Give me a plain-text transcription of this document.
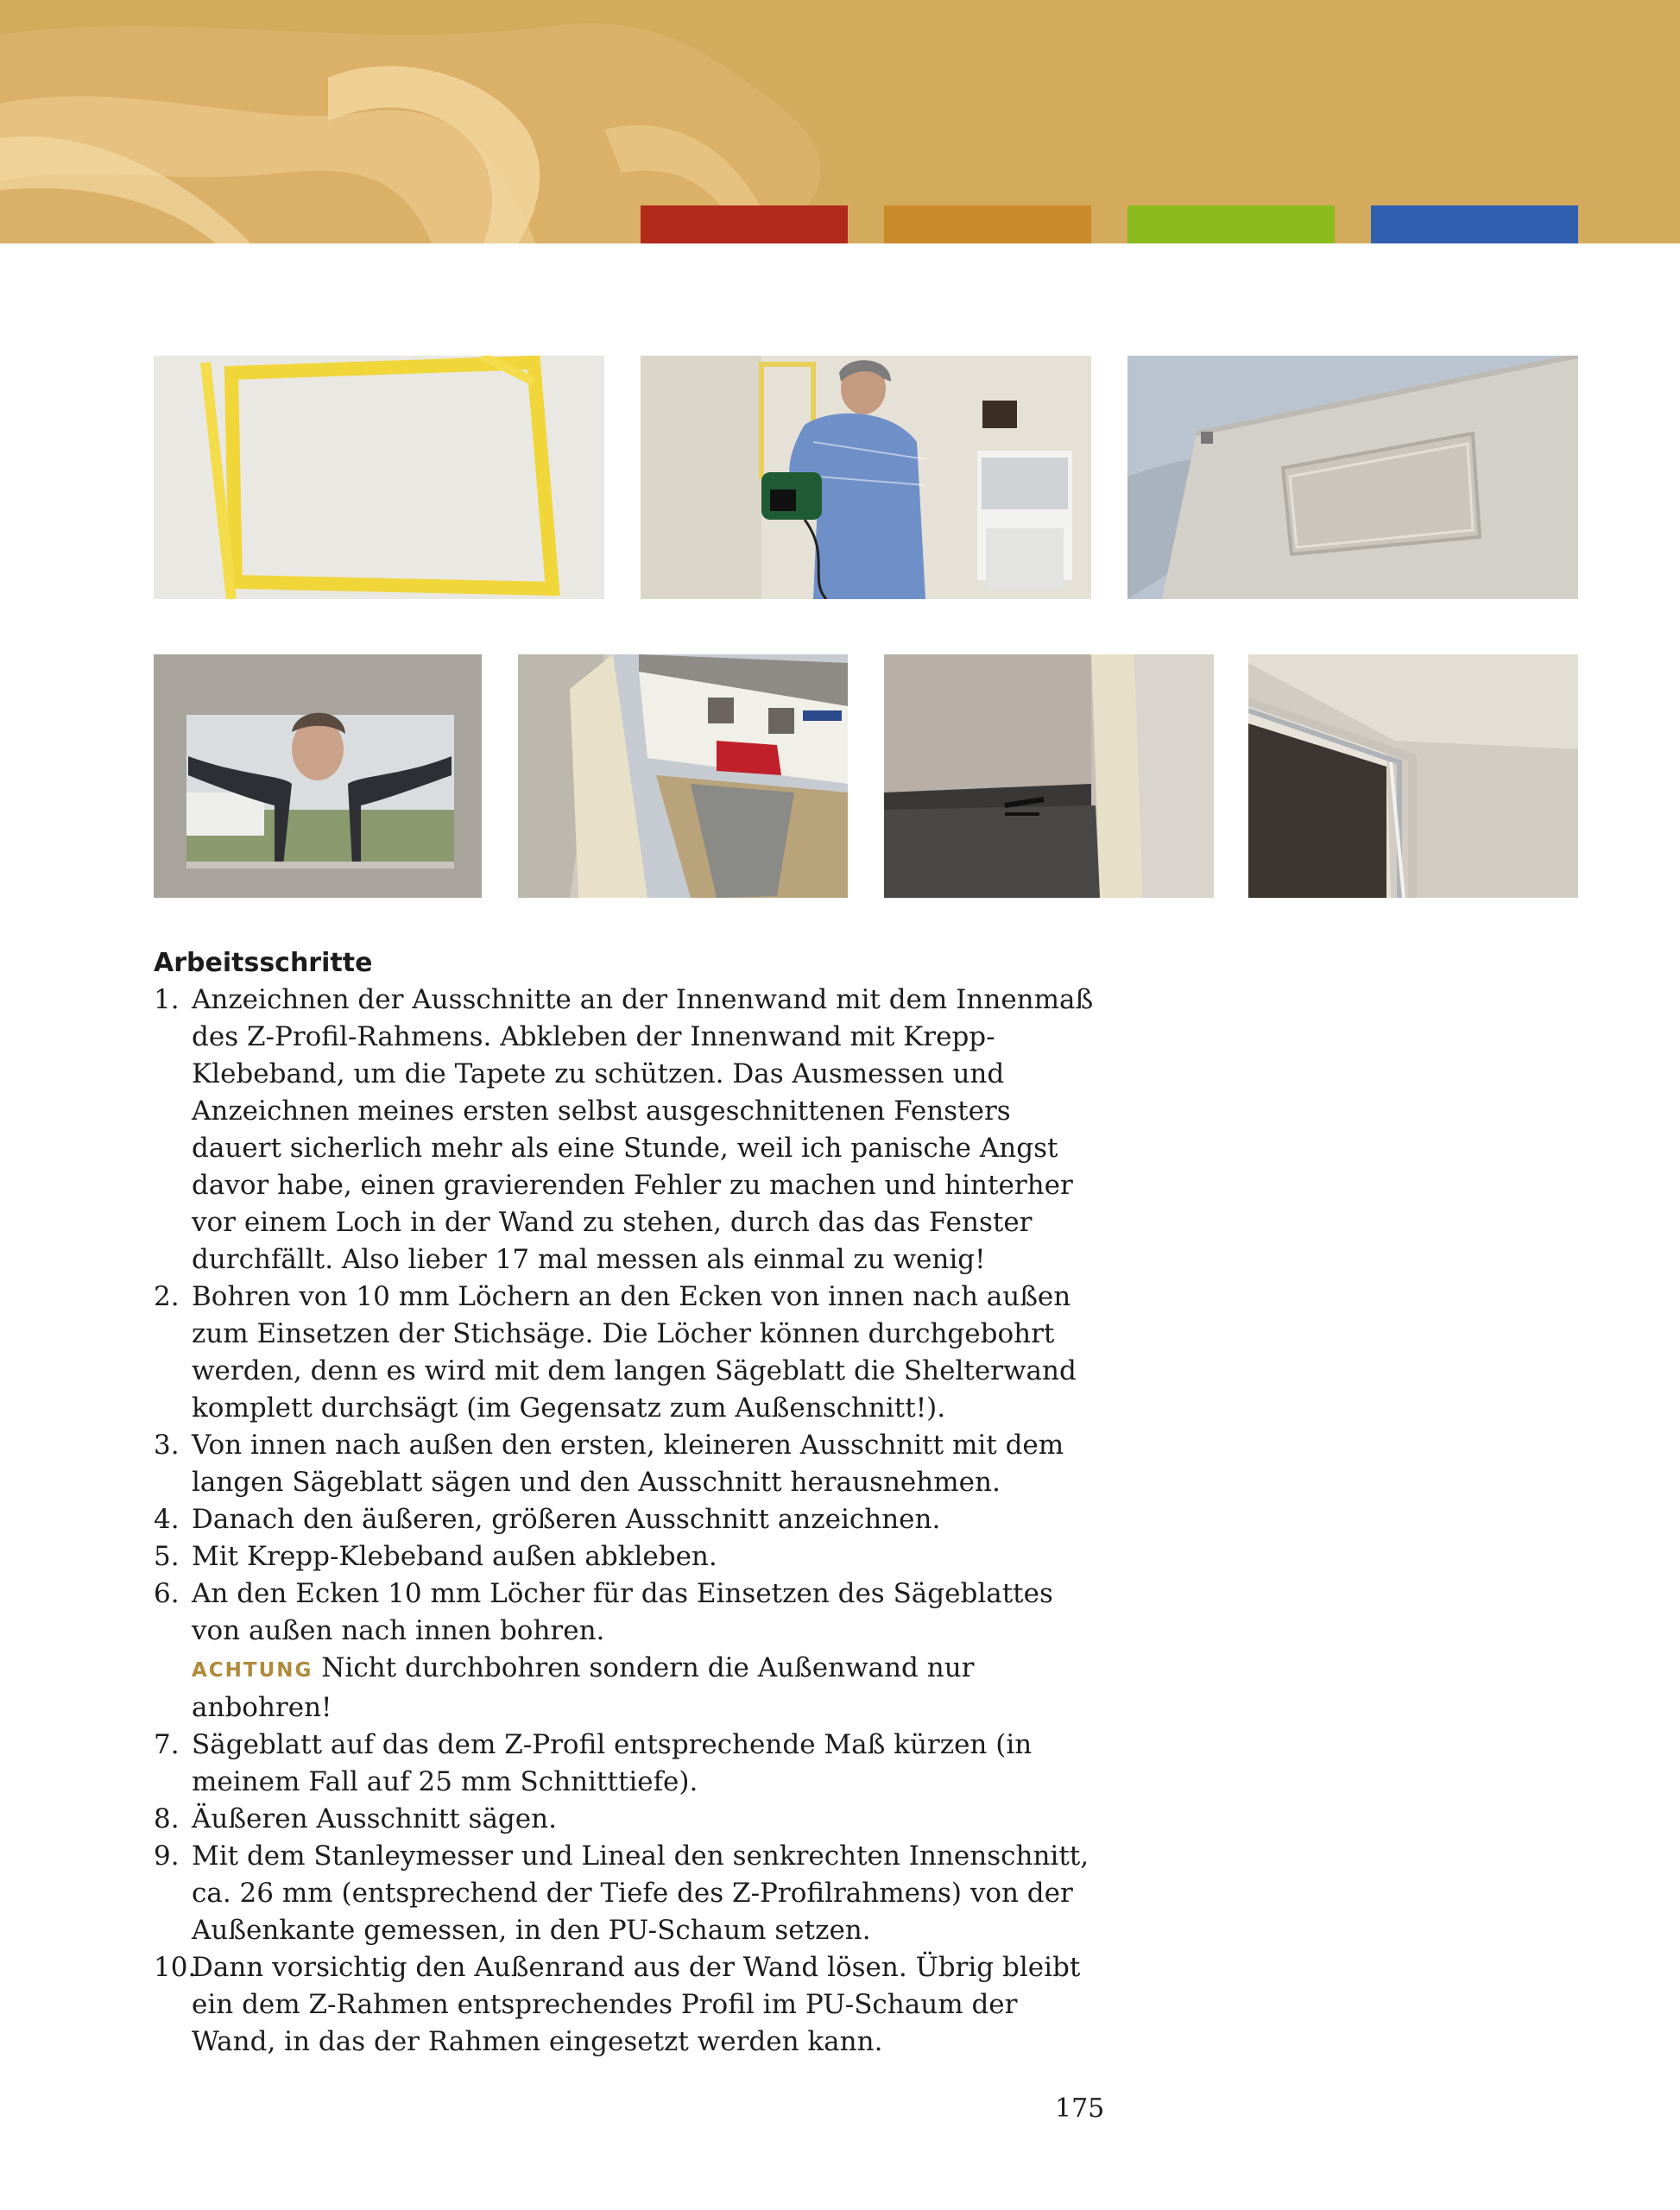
Arbeitsschritte
1. Anzeichnen der Ausschnitte an der Innenwand mit dem Innenmaß des Z-Profil-Rahmens. Abkleben der Innenwand mit Krepp-Klebeband, um die Tapete zu schützen. Das Ausmessen und Anzeichnen meines ersten selbst ausgeschnittenen Fensters dauert sicherlich mehr als eine Stunde, weil ich panische Angst davor habe, einen gravierenden Fehler zu machen und hinterher vor einem Loch in der Wand zu stehen, durch das das Fenster durchfällt. Also lieber 17 mal messen als einmal zu wenig!
2. Bohren von 10 mm Löchern an den Ecken von innen nach außen zum Einsetzen der Stichsäge. Die Löcher können durchgebohrt werden, denn es wird mit dem langen Sägeblatt die Shelterwand komplett durchsägt (im Gegensatz zum Außenschnitt!).
3. Von innen nach außen den ersten, kleineren Ausschnitt mit dem langen Sägeblatt sägen und den Ausschnitt herausnehmen.
4. Danach den äußeren, größeren Ausschnitt anzeichnen.
5. Mit Krepp-Klebeband außen abkleben.
6. An den Ecken 10 mm Löcher für das Einsetzen des Sägeblattes von außen nach innen bohren.
ACHTUNG Nicht durchbohren sondern die Außenwand nur anbohren!
7. Sägeblatt auf das dem Z-Profil entsprechende Maß kürzen (in meinem Fall auf 25 mm Schnitttiefe).
8. Äußeren Ausschnitt sägen.
9. Mit dem Stanleymesser und Lineal den senkrechten Innenschnitt, ca. 26 mm (entsprechend der Tiefe des Z-Profilrahmens) von der Außenkante gemessen, in den PU-Schaum setzen.
10.
Dann vorsichtig den Außenrand aus der Wand lösen. Übrig bleibt ein dem Z-Rahmen entsprechendes Profil im PU-Schaum der Wand, in das der Rahmen eingesetzt werden kann.
175
